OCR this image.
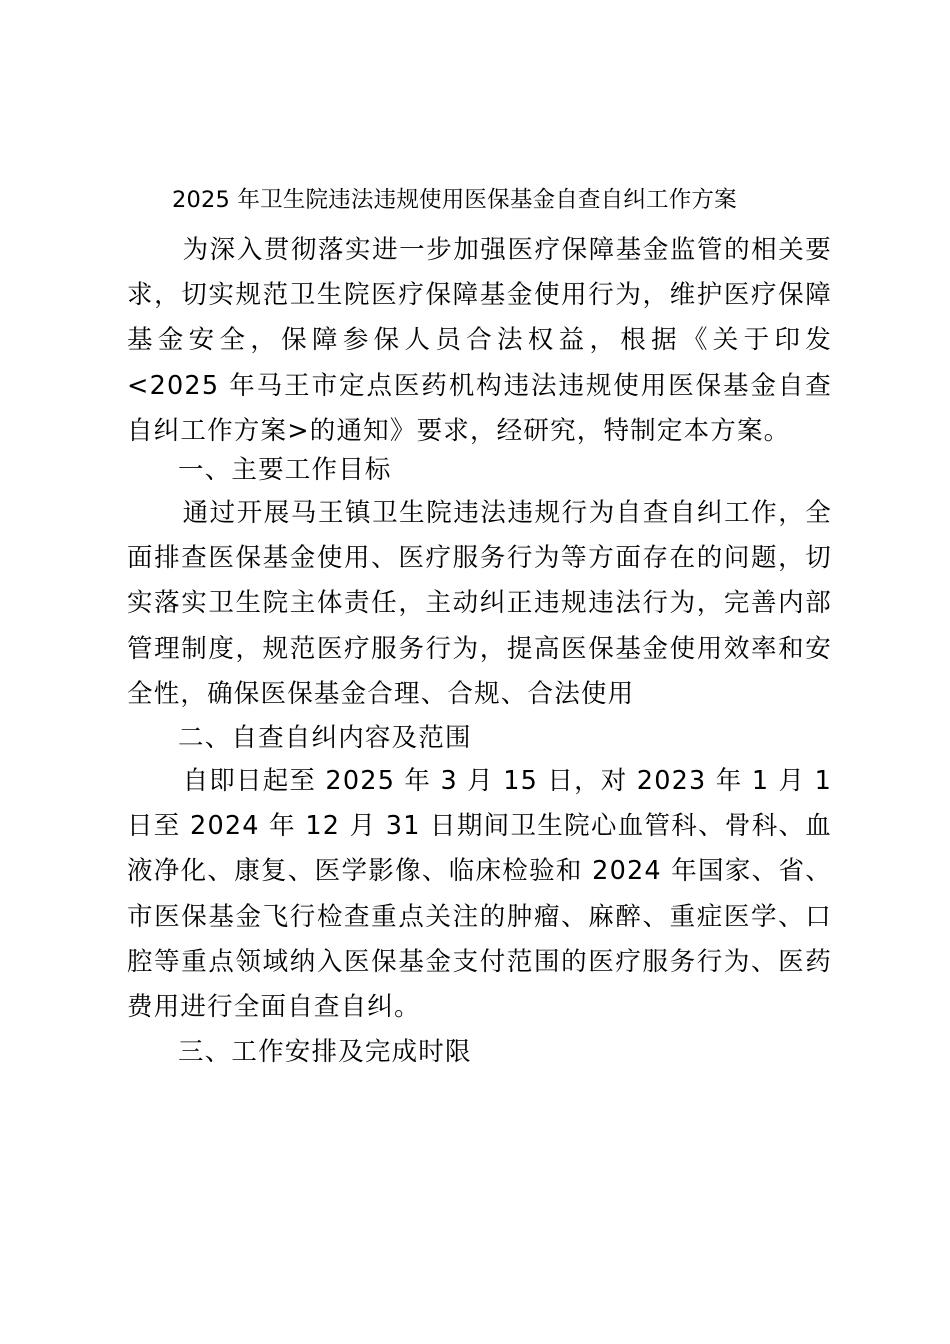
2025 年卫生院违法违规使用医保基金自查自纠工作方案

为深入贯彻落实进一步加强医疗保障基金监管的相关要求，切实规范卫生院医疗保障基金使用行为，维护医疗保障基金安全，保障参保人员合法权益，根据《关于印发<2025 年马王市定点医药机构违法违规使用医保基金自查自纠工作方案>的通知》要求，经研究，特制定本方案。

一、主要工作目标

通过开展马王镇卫生院违法违规行为自查自纠工作，全面排查医保基金使用、医疗服务行为等方面存在的问题，切实落实卫生院主体责任，主动纠正违规违法行为，完善内部管理制度，规范医疗服务行为，提高医保基金使用效率和安全性，确保医保基金合理、合规、合法使用

二、自查自纠内容及范围

自即日起至 2025 年 3 月 15 日，对 2023 年 1 月 1 日至 2024 年 12 月 31 日期间卫生院心血管科、骨科、血液净化、康复、医学影像、临床检验和 2024 年国家、省、市医保基金飞行检查重点关注的肿瘤、麻醉、重症医学、口腔等重点领域纳入医保基金支付范围的医疗服务行为、医药费用进行全面自查自纠。

三、工作安排及完成时限
